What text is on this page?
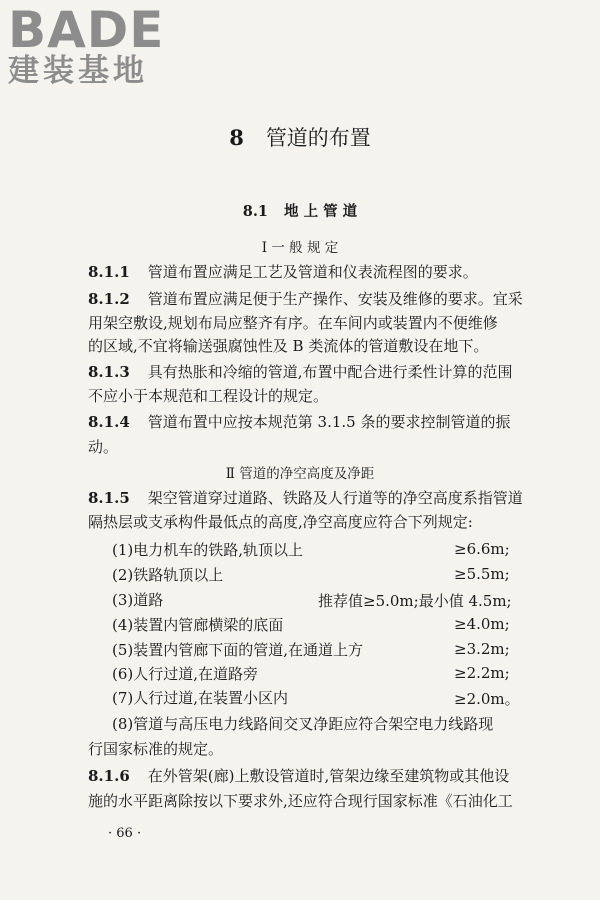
BADE
建装基地
8 管道的布置
8.1 地 上 管 道
Ⅰ 一 般 规 定
8.1.1 管道布置应满足工艺及管道和仪表流程图的要求。
8.1.2 管道布置应满足便于生产操作、安装及维修的要求。宜采
用架空敷设,规划布局应整齐有序。在车间内或装置内不便维修
的区域,不宜将输送强腐蚀性及 B 类流体的管道敷设在地下。
8.1.3 具有热胀和冷缩的管道,布置中配合进行柔性计算的范围
不应小于本规范和工程设计的规定。
8.1.4 管道布置中应按本规范第 3.1.5 条的要求控制管道的振
动。
Ⅱ 管道的净空高度及净距
8.1.5 架空管道穿过道路、铁路及人行道等的净空高度系指管道
隔热层或支承构件最低点的高度,净空高度应符合下列规定:
(1)电力机车的铁路,轨顶以上	≥6.6m;
(2)铁路轨顶以上	≥5.5m;
(3)道路	推荐值≥5.0m;最小值 4.5m;
(4)装置内管廊横梁的底面	≥4.0m;
(5)装置内管廊下面的管道,在通道上方	≥3.2m;
(6)人行过道,在道路旁	≥2.2m;
(7)人行过道,在装置小区内	≥2.0m。
(8)管道与高压电力线路间交叉净距应符合架空电力线路现
行国家标准的规定。
8.1.6 在外管架(廊)上敷设管道时,管架边缘至建筑物或其他设
施的水平距离除按以下要求外,还应符合现行国家标准《石油化工
· 66 ·
